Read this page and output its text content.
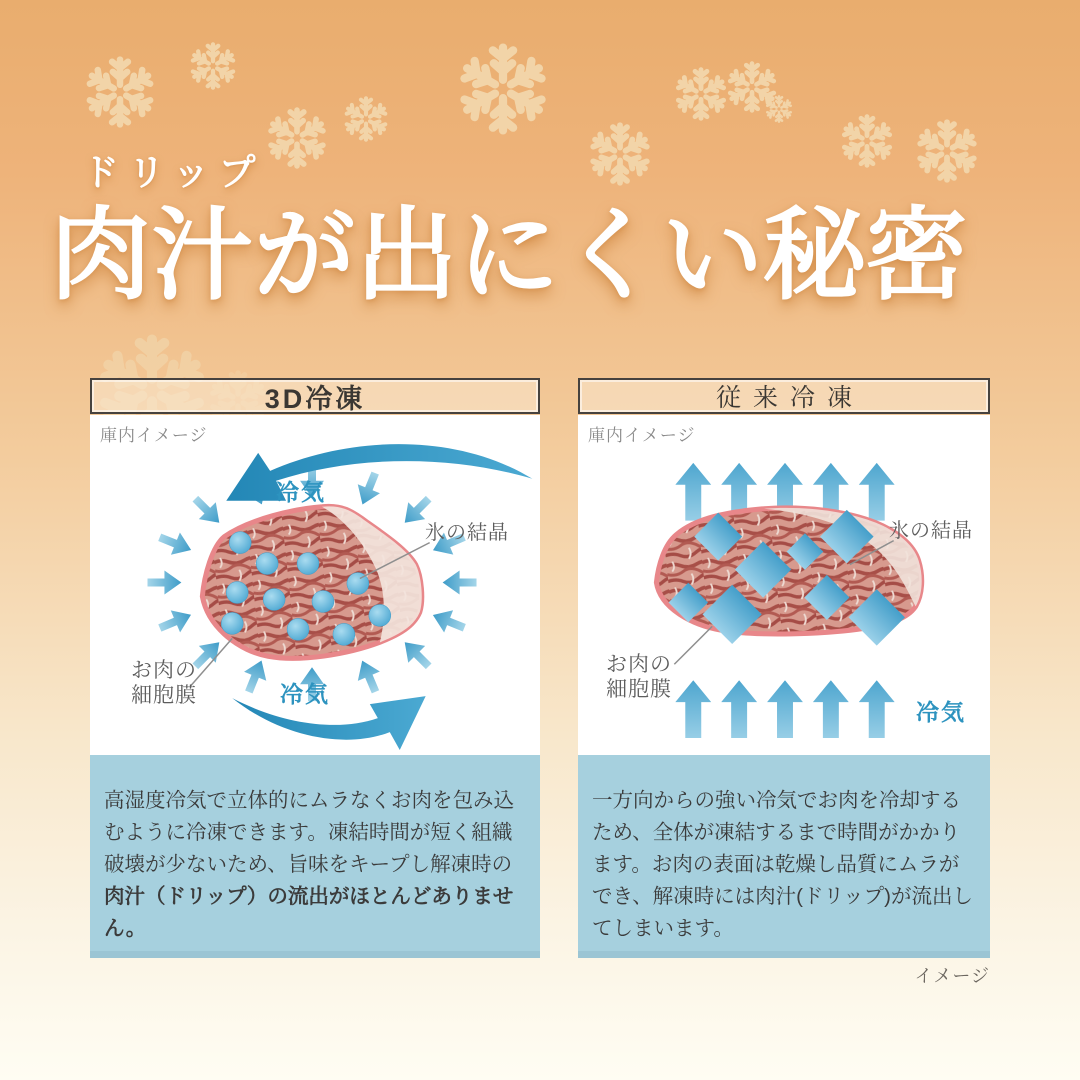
ドリップ
肉汁が出にくい秘密
3D冷凍
庫内イメージ
冷気
冷気
氷の結晶
お肉の
細胞膜
高湿度冷気で立体的にムラなくお肉を包み込むように冷凍できます。凍結時間が短く組織破壊が少ないため、旨味をキープし解凍時の肉汁（ドリップ）の流出がほとんどありません。
従来冷凍
庫内イメージ
氷の結晶
お肉の
細胞膜
冷気
一方向からの強い冷気でお肉を冷却するため、全体が凍結するまで時間がかかります。お肉の表面は乾燥し品質にムラができ、解凍時には肉汁(ドリップ)が流出してしまいます。
イメージ
